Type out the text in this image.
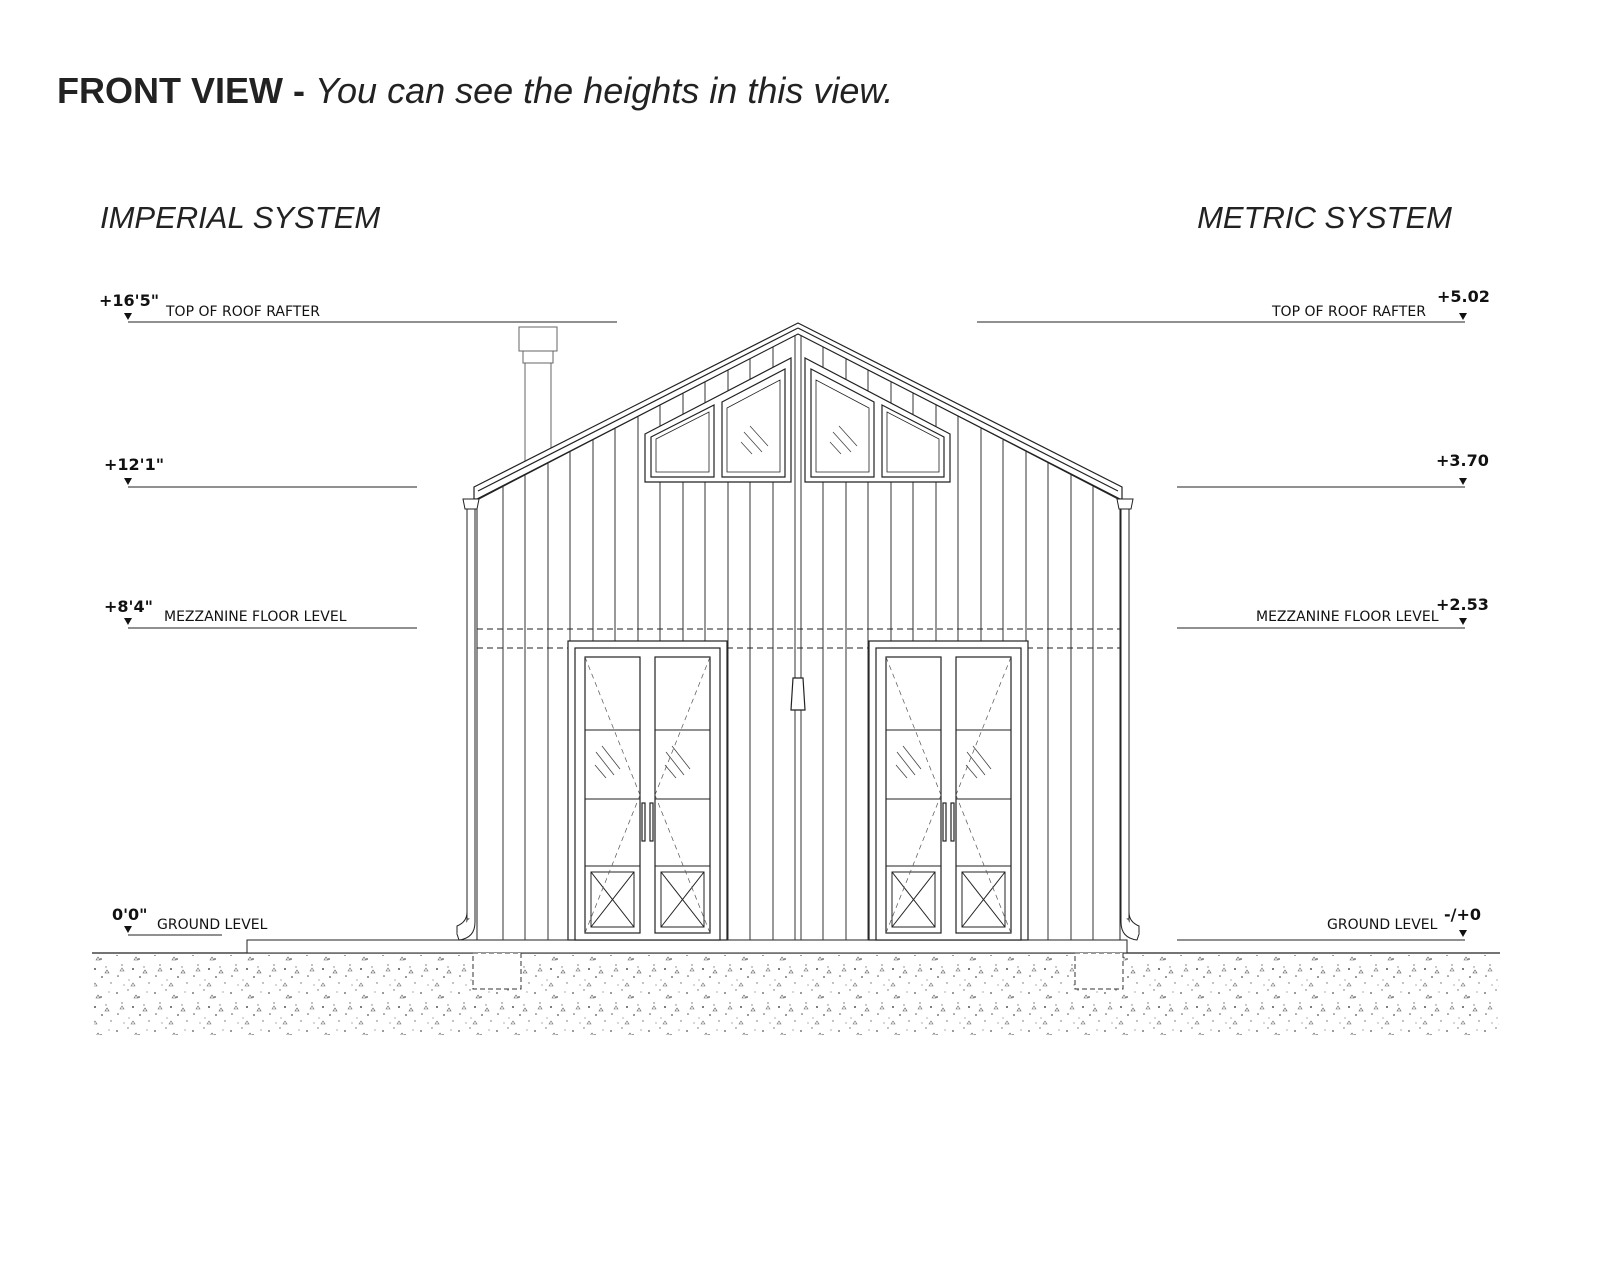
FRONT VIEW - You can see the heights in this view.
IMPERIAL SYSTEM	METRIC SYSTEM
+16'5"
TOP OF ROOF RAFTER
+12'1"
+8'4"
MEZZANINE FLOOR LEVEL
0'0"
GROUND LEVEL
+5.02
TOP OF ROOF RAFTER
+3.70
+2.53
MEZZANINE FLOOR LEVEL
-/+0
GROUND LEVEL
